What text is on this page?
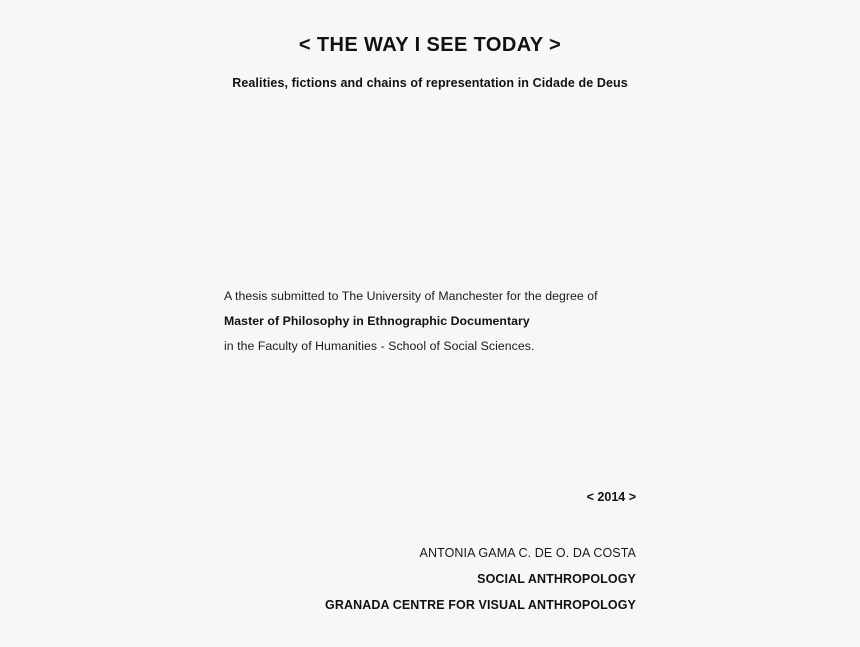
< THE WAY I SEE TODAY >
Realities, fictions and chains of representation in Cidade de Deus
A thesis submitted to The University of Manchester for the degree of
Master of Philosophy in Ethnographic Documentary
in the Faculty of Humanities - School of Social Sciences.
< 2014 >
ANTONIA GAMA C. DE O. DA COSTA
SOCIAL ANTHROPOLOGY
GRANADA CENTRE FOR VISUAL ANTHROPOLOGY
